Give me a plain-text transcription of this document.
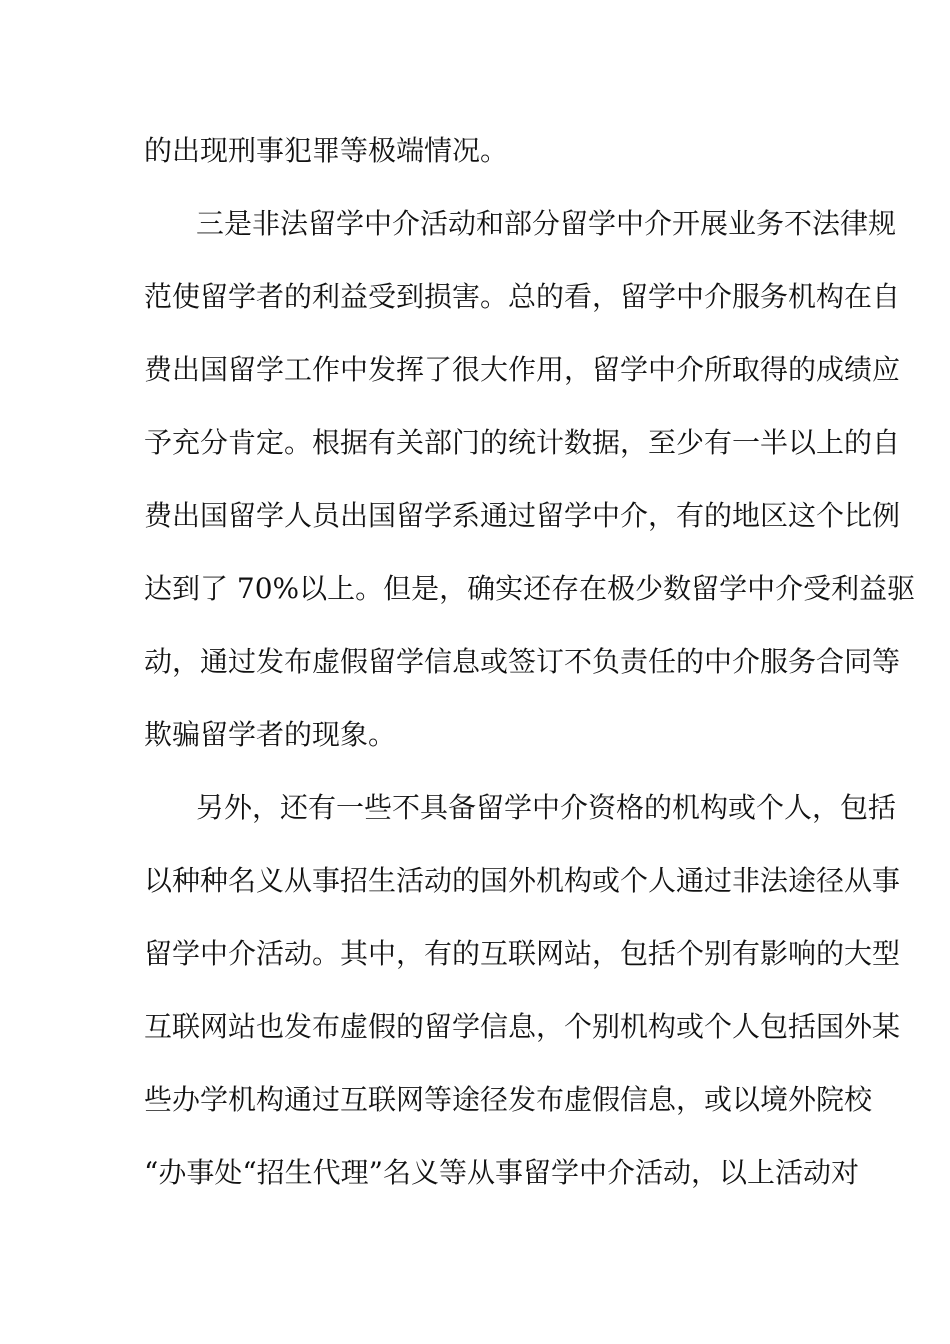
的出现刑事犯罪等极端情况。
三是非法留学中介活动和部分留学中介开展业务不法律规
范使留学者的利益受到损害。总的看，留学中介服务机构在自
费出国留学工作中发挥了很大作用，留学中介所取得的成绩应
予充分肯定。根据有关部门的统计数据，至少有一半以上的自
费出国留学人员出国留学系通过留学中介，有的地区这个比例
达到了 70%以上。但是，确实还存在极少数留学中介受利益驱
动，通过发布虚假留学信息或签订不负责任的中介服务合同等
欺骗留学者的现象。
另外，还有一些不具备留学中介资格的机构或个人，包括
以种种名义从事招生活动的国外机构或个人通过非法途径从事
留学中介活动。其中，有的互联网站，包括个别有影响的大型
互联网站也发布虚假的留学信息，个别机构或个人包括国外某
些办学机构通过互联网等途径发布虚假信息，或以境外院校
“办事处“招生代理”名义等从事留学中介活动，以上活动对
